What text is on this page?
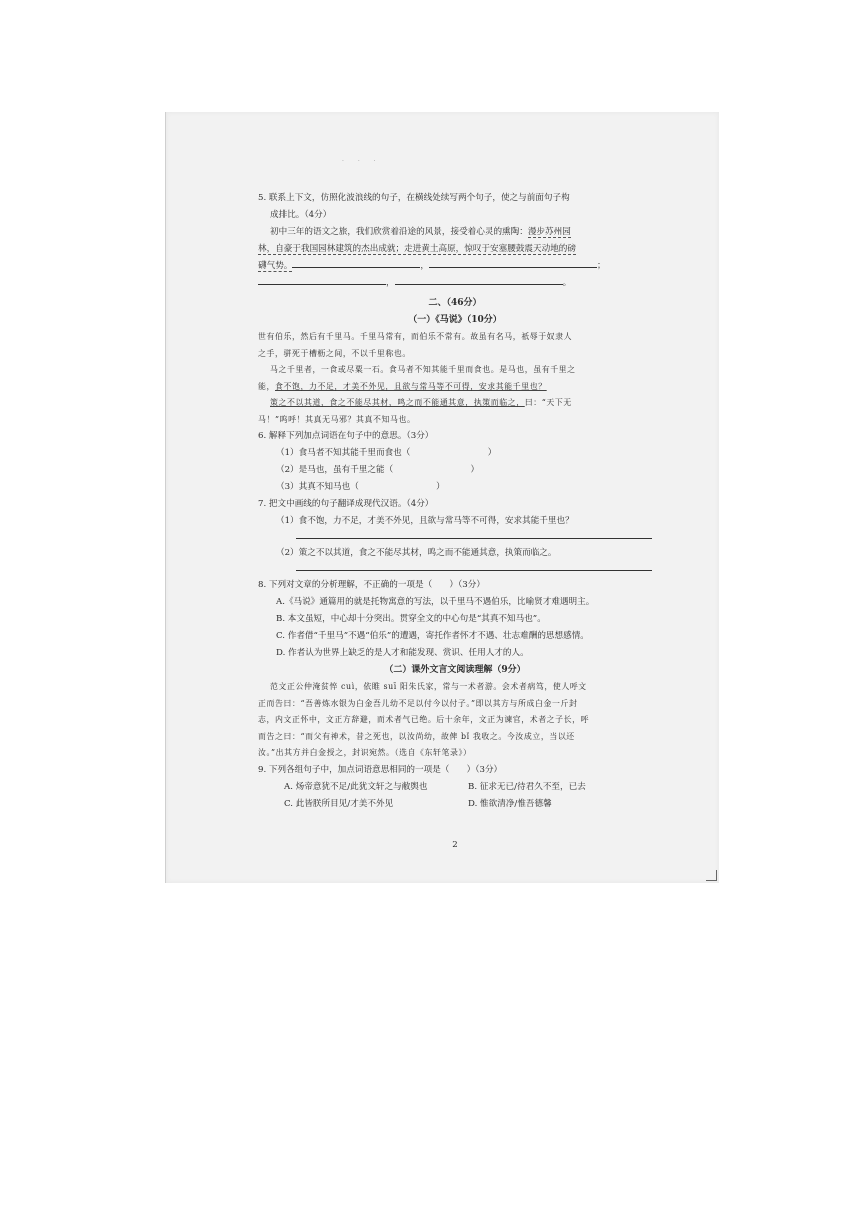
· · ·
5. 联系上下文，仿照化波浪线的句子，在横线处续写两个句子，使之与前面句子构
成排比。（4分）
初中三年的语文之旅，我们欣赏着沿途的风景，接受着心灵的熏陶：漫步苏州园
林，自豪于我国园林建筑的杰出成就；走进黄土高原，惊叹于安塞腰鼓震天动地的磅
礴气势。	，	；
，	。
二、（46分）
（一）《马说》（10分）
世有伯乐，然后有千里马。千里马常有，而伯乐不常有。故虽有名马，祇辱于奴隶人
之手，骈死于槽枥之间，不以千里称也。
马之千里者，一食或尽粟一石。食马者不知其能千里而食也。是马也，虽有千里之
能，食不饱，力不足，才美不外见，且欲与常马等不可得，安求其能千里也？
策之不以其道，食之不能尽其材，鸣之而不能通其意，执策而临之，曰：“天下无
马！”呜呼！其真无马邪？其真不知马也。
6. 解释下列加点词语在句子中的意思。（3分）
（1）食马者不知其能千里而食也（　　　　　　　　　）
（2）是马也，虽有千里之能（　　　　　　　　　）
（3）其真不知马也（　　　　　　　　　）
7. 把文中画线的句子翻译成现代汉语。（4分）
（1）食不饱，力不足，才美不外见，且欲与常马等不可得，安求其能千里也？
（2）策之不以其道，食之不能尽其材，鸣之而不能通其意，执策而临之。
8. 下列对文章的分析理解，不正确的一项是（　　）（3分）
A.《马说》通篇用的就是托物寓意的写法，以千里马不遇伯乐，比喻贤才难遇明主。
B. 本文虽短，中心却十分突出。贯穿全文的中心句是“其真不知马也”。
C. 作者借“千里马”不遇“伯乐”的遭遇，寄托作者怀才不遇、壮志难酬的思想感情。
D. 作者认为世界上缺乏的是人才和能发现、赏识、任用人才的人。
（二）课外文言文阅读理解（9分）
范文正公仲淹贫悴 cuì，依睢 suī 阳朱氏家，常与一术者游。会术者病笃，使人呼文
正而告曰：“吾善炼水银为白金吾儿幼不足以付今以付子。”即以其方与所成白金一斤封
志，内文正怀中，文正方辞避，而术者气已绝。后十余年，文正为谏官，术者之子长，呼
而告之曰：“而父有神术，昔之死也，以汝尚幼，故俾 bǐ 我收之。今汝成立，当以还
汝。”出其方并白金授之，封识宛然。（选自《东轩笔录》）
9. 下列各组句子中，加点词语意思相同的一项是（　　）（3分）
A. 炀帝意犹不足/此犹文轩之与敝舆也	B. 征求无已/待君久不至，已去
C. 此皆朕所目见/才美不外见	D. 惟欲清净/惟吾德馨
2
